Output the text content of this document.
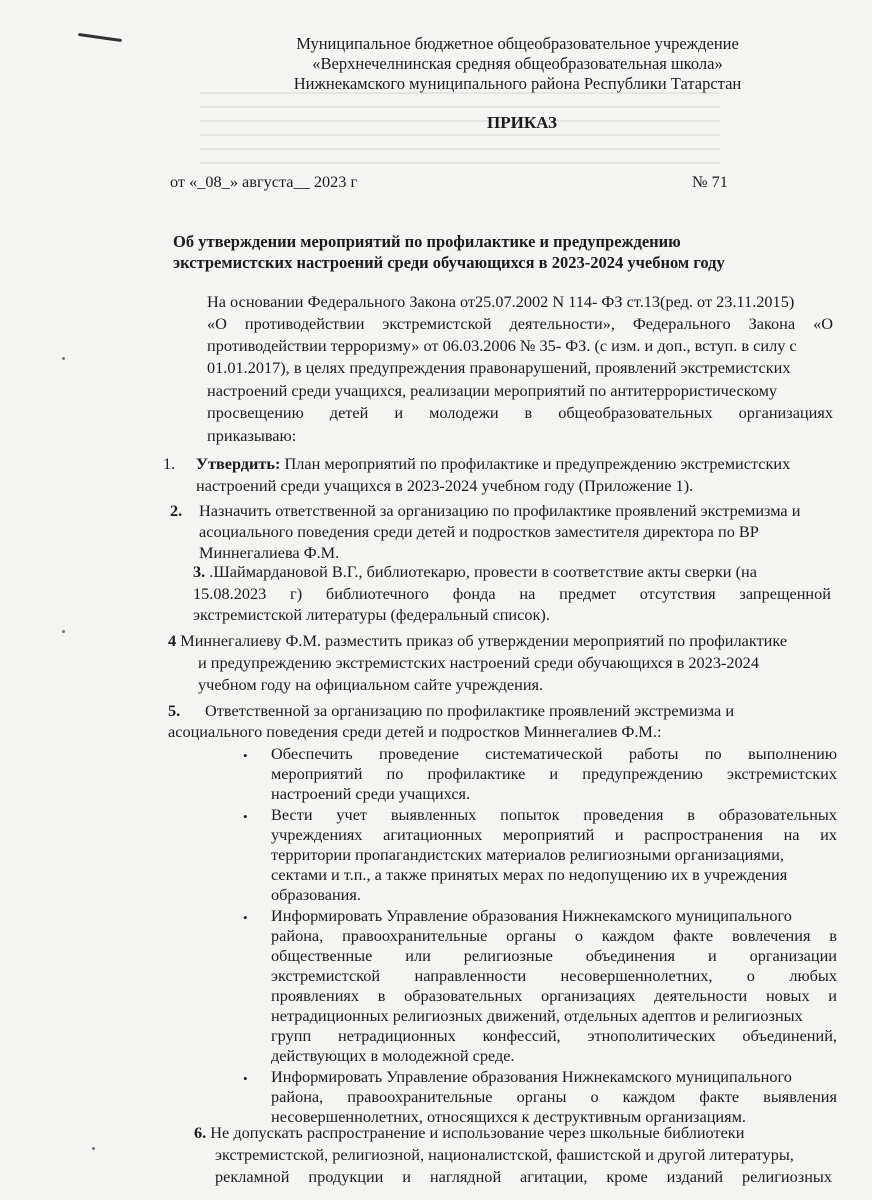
Муниципальное бюджетное общеобразовательное учреждение
«Верхнечелнинская средняя общеобразовательная школа»
Нижнекамского муниципального района Республики Татарстан
ПРИКАЗ
от «_08_» августа__ 2023 г	№ 71
Об утверждении мероприятий по профилактике и предупреждению
экстремистских настроений среди обучающихся в 2023-2024 учебном году
На основании Федерального Закона от25.07.2002 N 114- ФЗ ст.13(ред. от 23.11.2015)
«О противодействии экстремистской деятельности», Федерального Закона «О
противодействии терроризму» от 06.03.2006 № 35- ФЗ. (с изм. и доп., вступ. в силу с
01.01.2017), в целях предупреждения правонарушений, проявлений экстремистских
настроений среди учащихся, реализации мероприятий по антитеррористическому
просвещению детей и молодежи в общеобразовательных организациях
приказываю:
1. Утвердить: План мероприятий по профилактике и предупреждению экстремистских
настроений среди учащихся в 2023-2024 учебном году (Приложение 1).
2. Назначить ответственной за организацию по профилактике проявлений экстремизма и
асоциального поведения среди детей и подростков заместителя директора по ВР
Миннегалиева Ф.М.
3. .Шаймардановой В.Г., библиотекарю, провести в соответствие акты сверки (на
15.08.2023 г) библиотечного фонда на предмет отсутствия запрещенной
экстремистской литературы (федеральный список).
4 Миннегалиеву Ф.М. разместить приказ об утверждении мероприятий по профилактике
и предупреждению экстремистских настроений среди обучающихся в 2023-2024
учебном году на официальном сайте учреждения.
5. Ответственной за организацию по профилактике проявлений экстремизма и
асоциального поведения среди детей и подростков Миннегалиев Ф.М.:
• Обеспечить проведение систематической работы по выполнению
мероприятий по профилактике и предупреждению экстремистских
настроений среди учащихся.
• Вести учет выявленных попыток проведения в образовательных
учреждениях агитационных мероприятий и распространения на их
территории пропагандистских материалов религиозными организациями,
сектами и т.п., а также принятых мерах по недопущению их в учреждения
образования.
• Информировать Управление образования Нижнекамского муниципального
района, правоохранительные органы о каждом факте вовлечения в
общественные или религиозные объединения и организации
экстремистской направленности несовершеннолетних, о любых
проявлениях в образовательных организациях деятельности новых и
нетрадиционных религиозных движений, отдельных адептов и религиозных
групп нетрадиционных конфессий, этнополитических объединений,
действующих в молодежной среде.
• Информировать Управление образования Нижнекамского муниципального
района, правоохранительные органы о каждом факте выявления
несовершеннолетних, относящихся к деструктивным организациям.
6. Не допускать распространение и использование через школьные библиотеки
экстремистской, религиозной, националистской, фашистской и другой литературы,
рекламной продукции и наглядной агитации, кроме изданий религиозных
